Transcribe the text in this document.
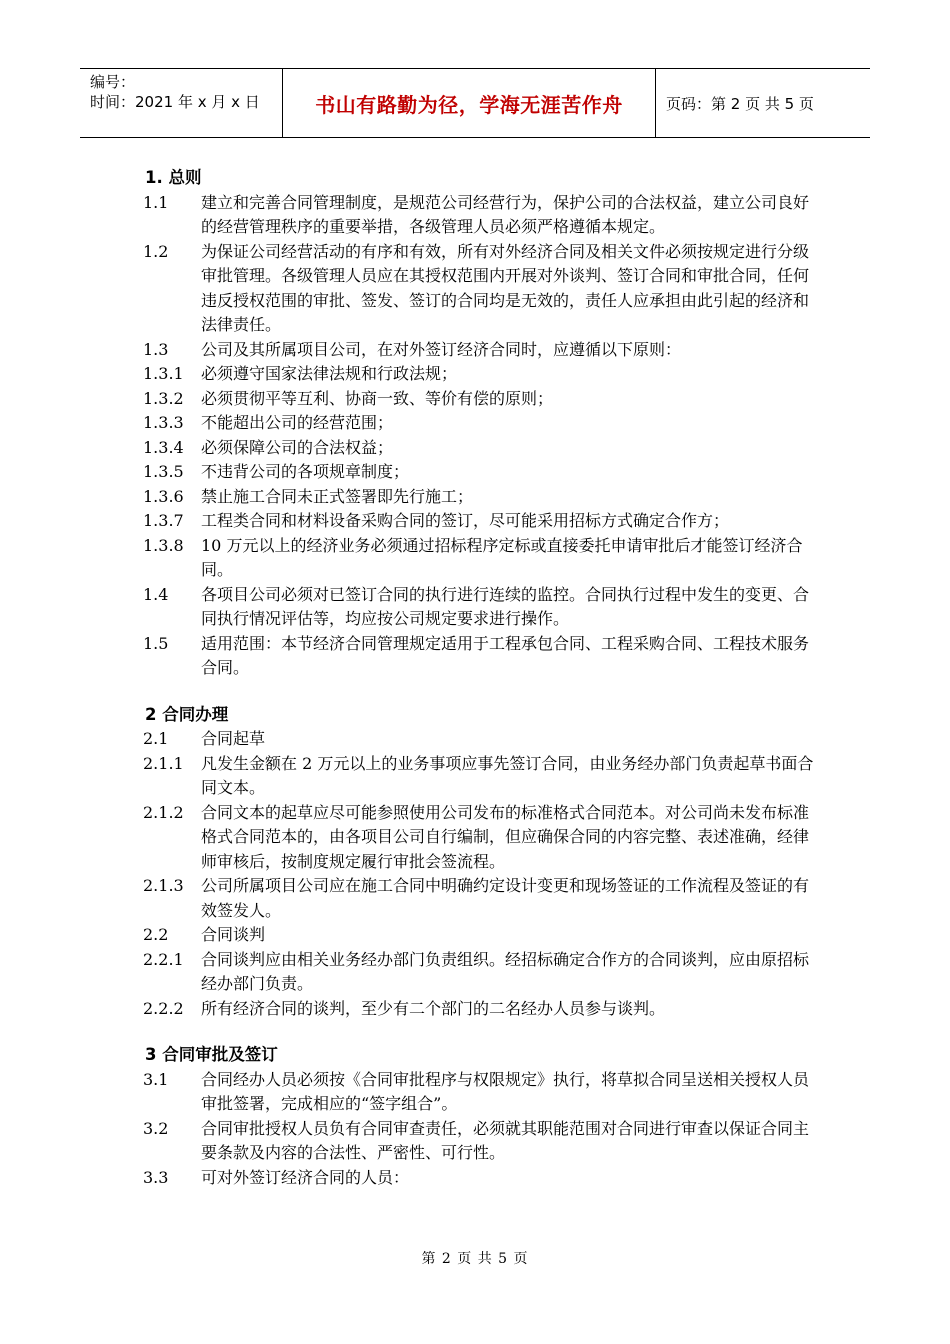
编号：
时间：2021 年 x 月 x 日	书山有路勤为径，学海无涯苦作舟	页码：第 2 页 共 5 页
1. 总则
1.1 建立和完善合同管理制度，是规范公司经营行为，保护公司的合法权益，建立公司良好的经营管理秩序的重要举措，各级管理人员必须严格遵循本规定。
1.2 为保证公司经营活动的有序和有效，所有对外经济合同及相关文件必须按规定进行分级审批管理。各级管理人员应在其授权范围内开展对外谈判、签订合同和审批合同，任何违反授权范围的审批、签发、签订的合同均是无效的，责任人应承担由此引起的经济和法律责任。
1.3 公司及其所属项目公司，在对外签订经济合同时，应遵循以下原则：
1.3.1 必须遵守国家法律法规和行政法规；
1.3.2 必须贯彻平等互利、协商一致、等价有偿的原则；
1.3.3 不能超出公司的经营范围；
1.3.4 必须保障公司的合法权益；
1.3.5 不违背公司的各项规章制度；
1.3.6 禁止施工合同未正式签署即先行施工；
1.3.7 工程类合同和材料设备采购合同的签订，尽可能采用招标方式确定合作方；
1.3.8 10 万元以上的经济业务必须通过招标程序定标或直接委托申请审批后才能签订经济合同。
1.4 各项目公司必须对已签订合同的执行进行连续的监控。合同执行过程中发生的变更、合同执行情况评估等，均应按公司规定要求进行操作。
1.5 适用范围：本节经济合同管理规定适用于工程承包合同、工程采购合同、工程技术服务合同。
2 合同办理
2.1 合同起草
2.1.1 凡发生金额在 2 万元以上的业务事项应事先签订合同，由业务经办部门负责起草书面合同文本。
2.1.2 合同文本的起草应尽可能参照使用公司发布的标准格式合同范本。对公司尚未发布标准格式合同范本的，由各项目公司自行编制，但应确保合同的内容完整、表述准确，经律师审核后，按制度规定履行审批会签流程。
2.1.3 公司所属项目公司应在施工合同中明确约定设计变更和现场签证的工作流程及签证的有效签发人。
2.2 合同谈判
2.2.1 合同谈判应由相关业务经办部门负责组织。经招标确定合作方的合同谈判，应由原招标经办部门负责。
2.2.2 所有经济合同的谈判，至少有二个部门的二名经办人员参与谈判。
3 合同审批及签订
3.1 合同经办人员必须按《合同审批程序与权限规定》执行，将草拟合同呈送相关授权人员审批签署，完成相应的“签字组合”。
3.2 合同审批授权人员负有合同审查责任，必须就其职能范围对合同进行审查以保证合同主要条款及内容的合法性、严密性、可行性。
3.3 可对外签订经济合同的人员：
第 2 页 共 5 页
